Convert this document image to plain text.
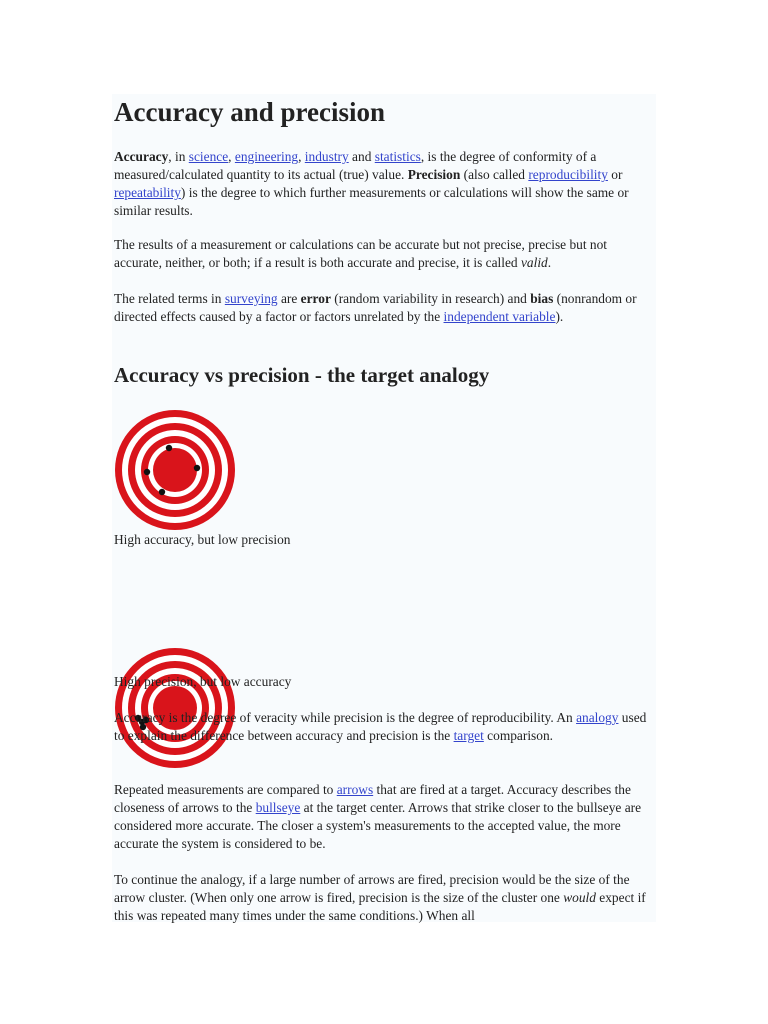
Accuracy and precision

Accuracy, in science, engineering, industry and statistics, is the degree of conformity of a measured/calculated quantity to its actual (true) value. Precision (also called reproducibility or repeatability) is the degree to which further measurements or calculations will show the same or similar results.

The results of a measurement or calculations can be accurate but not precise, precise but not accurate, neither, or both; if a result is both accurate and precise, it is called valid.

The related terms in surveying are error (random variability in research) and bias (nonrandom or directed effects caused by a factor or factors unrelated by the independent variable).

Accuracy vs precision - the target analogy
High accuracy, but low precision
High precision, but low accuracy

Accuracy is the degree of veracity while precision is the degree of reproducibility. An analogy used to explain the difference between accuracy and precision is the target comparison.

Repeated measurements are compared to arrows that are fired at a target. Accuracy describes the closeness of arrows to the bullseye at the target center. Arrows that strike closer to the bullseye are considered more accurate. The closer a system's measurements to the accepted value, the more accurate the system is considered to be.

To continue the analogy, if a large number of arrows are fired, precision would be the size of the arrow cluster. (When only one arrow is fired, precision is the size of the cluster one would expect if this was repeated many times under the same conditions.) When all
